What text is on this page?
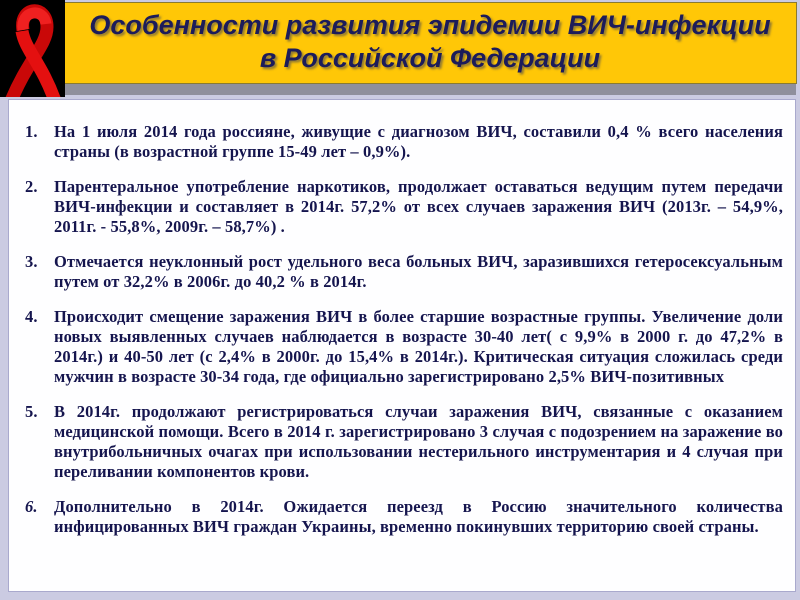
Особенности развития эпидемии ВИЧ-инфекции
в Российской Федерации
1. На 1 июля 2014 года россияне, живущие с диагнозом ВИЧ, составили 0,4 % всего населения страны (в возрастной группе 15-49 лет – 0,9%).
2. Парентеральное употребление наркотиков, продолжает оставаться ведущим путем передачи ВИЧ-инфекции и составляет в 2014г. 57,2% от всех случаев заражения ВИЧ (2013г. – 54,9%, 2011г. - 55,8%, 2009г. – 58,7%) .
3. Отмечается неуклонный рост удельного веса больных ВИЧ, заразившихся гетеросексуальным путем от 32,2% в 2006г. до 40,2 % в 2014г.
4. Происходит смещение заражения ВИЧ в более старшие возрастные группы. Увеличение доли новых выявленных случаев наблюдается в возрасте 30-40 лет( с 9,9% в 2000 г. до 47,2% в 2014г.) и 40-50 лет (с 2,4% в 2000г. до 15,4% в 2014г.). Критическая ситуация сложилась среди мужчин в возрасте 30-34 года, где официально зарегистрировано 2,5% ВИЧ-позитивных
5. В 2014г. продолжают регистрироваться случаи заражения ВИЧ, связанные с оказанием медицинской помощи. Всего в 2014 г. зарегистрировано 3 случая с подозрением на заражение во внутрибольничных очагах при использовании нестерильного инструментария и 4 случая при переливании компонентов крови.
6. Дополнительно в 2014г. Ожидается переезд в Россию значительного количества инфицированных ВИЧ граждан Украины, временно покинувших территорию своей страны.
